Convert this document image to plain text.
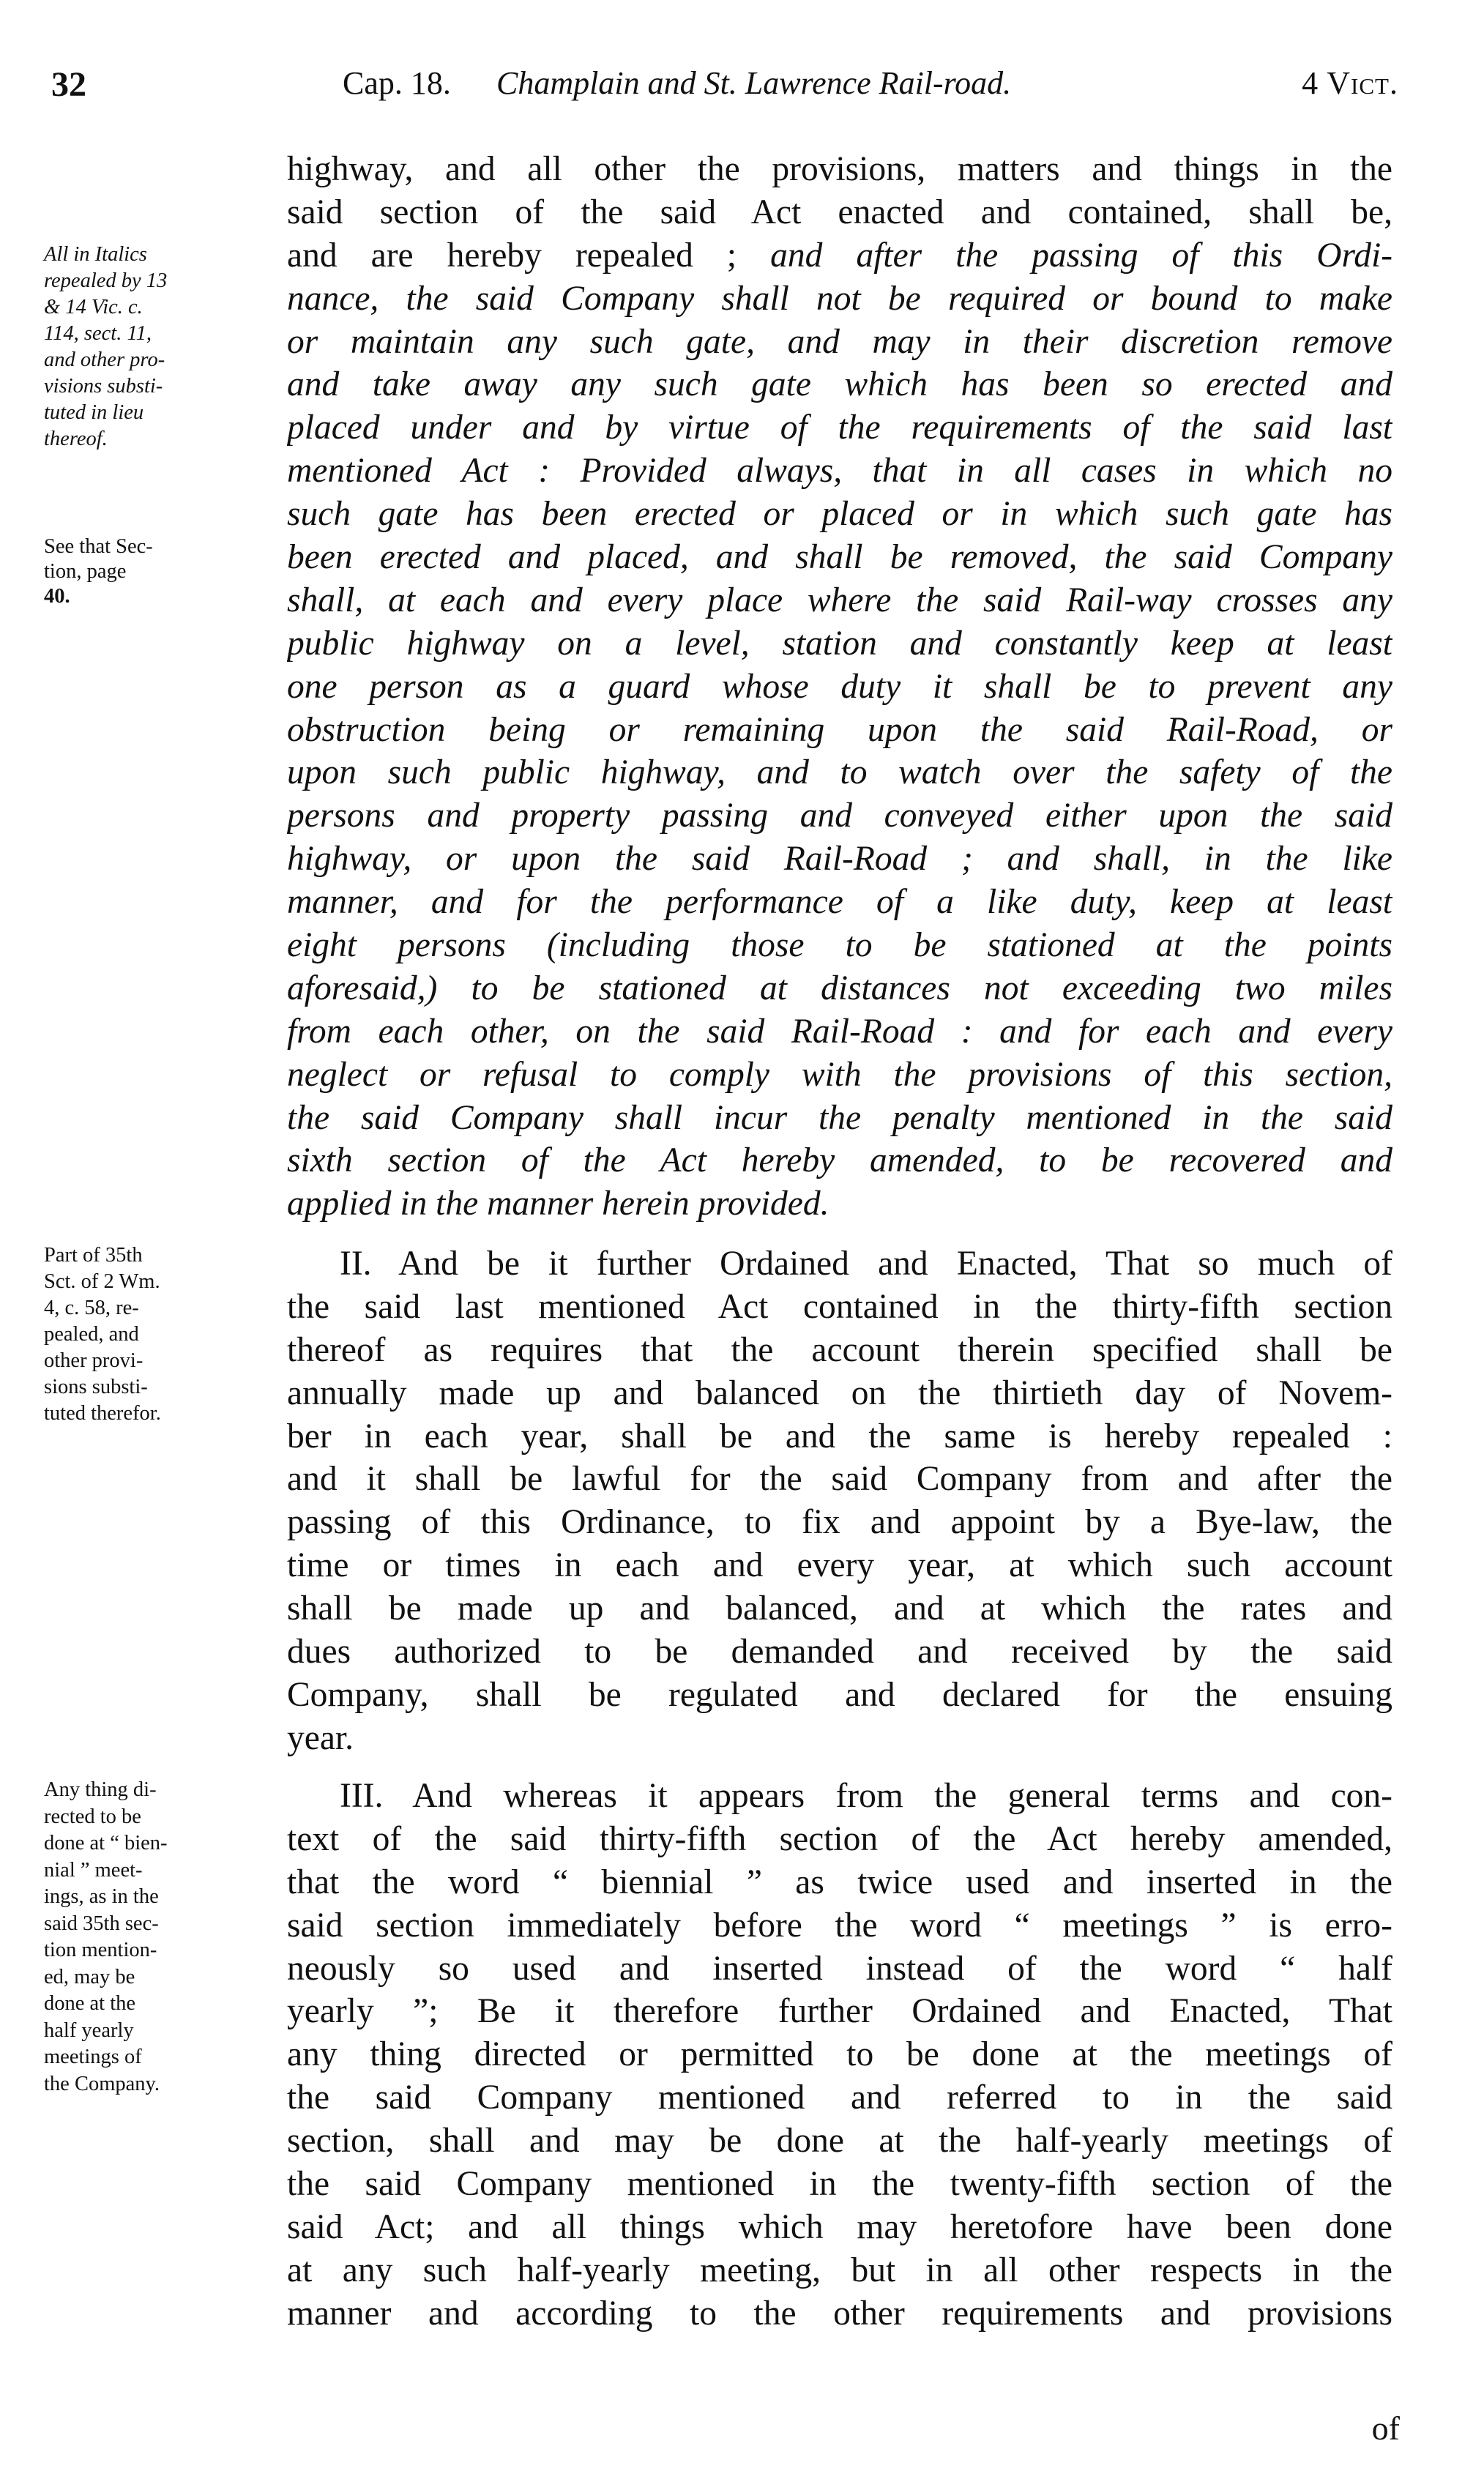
32	Cap. 18. Champlain and St. Lawrence Rail-road.	4 Vict.
highway, and all other the provisions, matters and things in the
said section of the said Act enacted and contained, shall be,
and are hereby repealed ; and after the passing of this Ordi-
nance, the said Company shall not be required or bound to make
or maintain any such gate, and may in their discretion remove
and take away any such gate which has been so erected and
placed under and by virtue of the requirements of the said last
mentioned Act : Provided always, that in all cases in which no
such gate has been erected or placed or in which such gate has
been erected and placed, and shall be removed, the said Company
shall, at each and every place where the said Rail-way crosses any
public highway on a level, station and constantly keep at least
one person as a guard whose duty it shall be to prevent any
obstruction being or remaining upon the said Rail-Road, or
upon such public highway, and to watch over the safety of the
persons and property passing and conveyed either upon the said
highway, or upon the said Rail-Road ; and shall, in the like
manner, and for the performance of a like duty, keep at least
eight persons (including those to be stationed at the points
aforesaid,) to be stationed at distances not exceeding two miles
from each other, on the said Rail-Road : and for each and every
neglect or refusal to comply with the provisions of this section,
the said Company shall incur the penalty mentioned in the said
sixth section of the Act hereby amended, to be recovered and
applied in the manner herein provided.
All in Italics
repealed by 13
& 14 Vic. c.
114, sect. 11,
and other pro-
visions substi-
tuted in lieu
thereof.
See that Sec-
tion, page
40.
II. And be it further Ordained and Enacted, That so much of
the said last mentioned Act contained in the thirty-fifth section
thereof as requires that the account therein specified shall be
annually made up and balanced on the thirtieth day of Novem-
ber in each year, shall be and the same is hereby repealed :
and it shall be lawful for the said Company from and after the
passing of this Ordinance, to fix and appoint by a Bye-law, the
time or times in each and every year, at which such account
shall be made up and balanced, and at which the rates and
dues authorized to be demanded and received by the said
Company, shall be regulated and declared for the ensuing
year.
Part of 35th
Sct. of 2 Wm.
4, c. 58, re-
pealed, and
other provi-
sions substi-
tuted therefor.
III. And whereas it appears from the general terms and con-
text of the said thirty-fifth section of the Act hereby amended,
that the word “ biennial ” as twice used and inserted in the
said section immediately before the word “ meetings ” is erro-
neously so used and inserted instead of the word “ half
yearly ”; Be it therefore further Ordained and Enacted, That
any thing directed or permitted to be done at the meetings of
the said Company mentioned and referred to in the said
section, shall and may be done at the half-yearly meetings of
the said Company mentioned in the twenty-fifth section of the
said Act; and all things which may heretofore have been done
at any such half-yearly meeting, but in all other respects in the
manner and according to the other requirements and provisions
Any thing di-
rected to be
done at “ bien-
nial ” meet-
ings, as in the
said 35th sec-
tion mention-
ed, may be
done at the
half yearly
meetings of
the Company.
of
